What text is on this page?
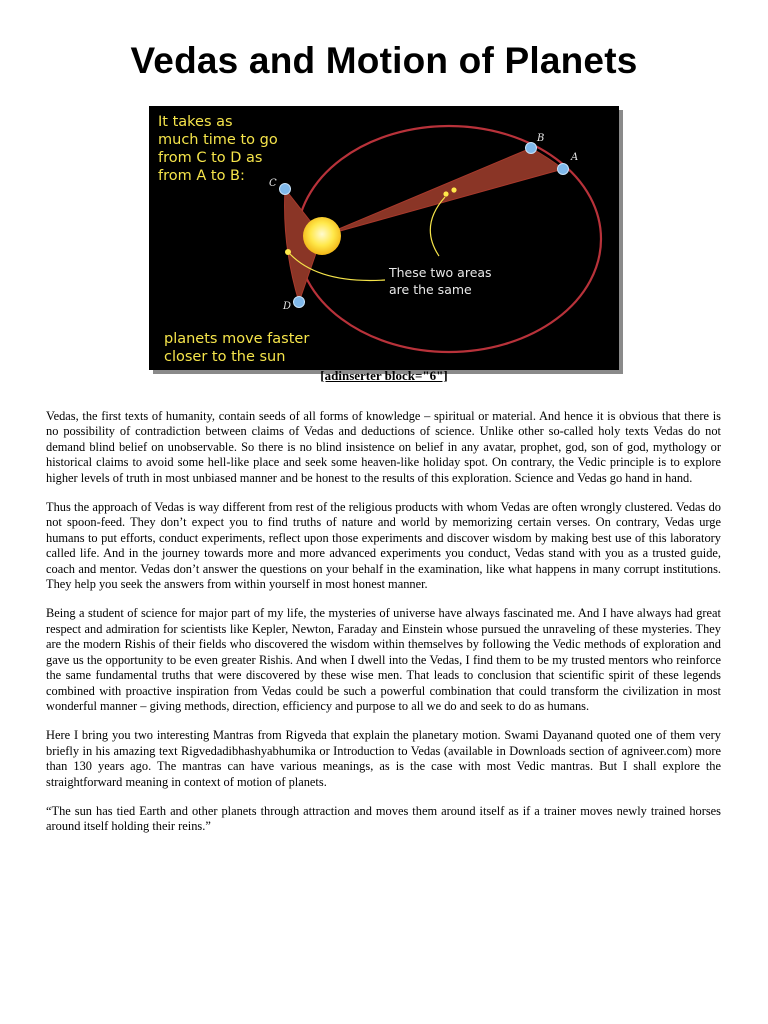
Vedas and Motion of Planets
It takes as
much time to go
from C to D as
from A to B:
These two areas
are the same
planets move faster
closer to the sun
A
B
C
D
[adinserter block="6"]

Vedas, the first texts of humanity, contain seeds of all forms of knowledge – spiritual or material. And hence it is obvious that there is no possibility of contradiction between claims of Vedas and deductions of science. Unlike other so-called holy texts Vedas do not demand blind belief on unobservable. So there is no blind insistence on belief in any avatar, prophet, god, son of god, mythology or historical claims to avoid some hell-like place and seek some heaven-like holiday spot. On contrary, the Vedic principle is to explore higher levels of truth in most unbiased manner and be honest to the results of this exploration. Science and Vedas go hand in hand.

Thus the approach of Vedas is way different from rest of the religious products with whom Vedas are often wrongly clustered. Vedas do not spoon-feed. They don’t expect you to find truths of nature and world by memorizing certain verses. On contrary, Vedas urge humans to put efforts, conduct experiments, reflect upon those experiments and discover wisdom by making best use of this laboratory called life. And in the journey towards more and more advanced experiments you conduct, Vedas stand with you as a trusted guide, coach and mentor. Vedas don’t answer the questions on your behalf in the examination, like what happens in many corrupt institutions. They help you seek the answers from within yourself in most honest manner.

Being a student of science for major part of my life, the mysteries of universe have always fascinated me. And I have always had great respect and admiration for scientists like Kepler, Newton, Faraday and Einstein whose pursued the unraveling of these mysteries. They are the modern Rishis of their fields who discovered the wisdom within themselves by following the Vedic methods of exploration and gave us the opportunity to be even greater Rishis. And when I dwell into the Vedas, I find them to be my trusted mentors who reinforce the same fundamental truths that were discovered by these wise men. That leads to conclusion that scientific spirit of these legends combined with proactive inspiration from Vedas could be such a powerful combination that could transform the civilization in most wonderful manner – giving methods, direction, efficiency and purpose to all we do and seek to do as humans.

Here I bring you two interesting Mantras from Rigveda that explain the planetary motion. Swami Dayanand quoted one of them very briefly in his amazing text Rigvedadibhashyabhumika or Introduction to Vedas (available in Downloads section of agniveer.com) more than 130 years ago. The mantras can have various meanings, as is the case with most Vedic mantras. But I shall explore the straightforward meaning in context of motion of planets.

“The sun has tied Earth and other planets through attraction and moves them around itself as if a trainer moves newly trained horses around itself holding their reins.”
